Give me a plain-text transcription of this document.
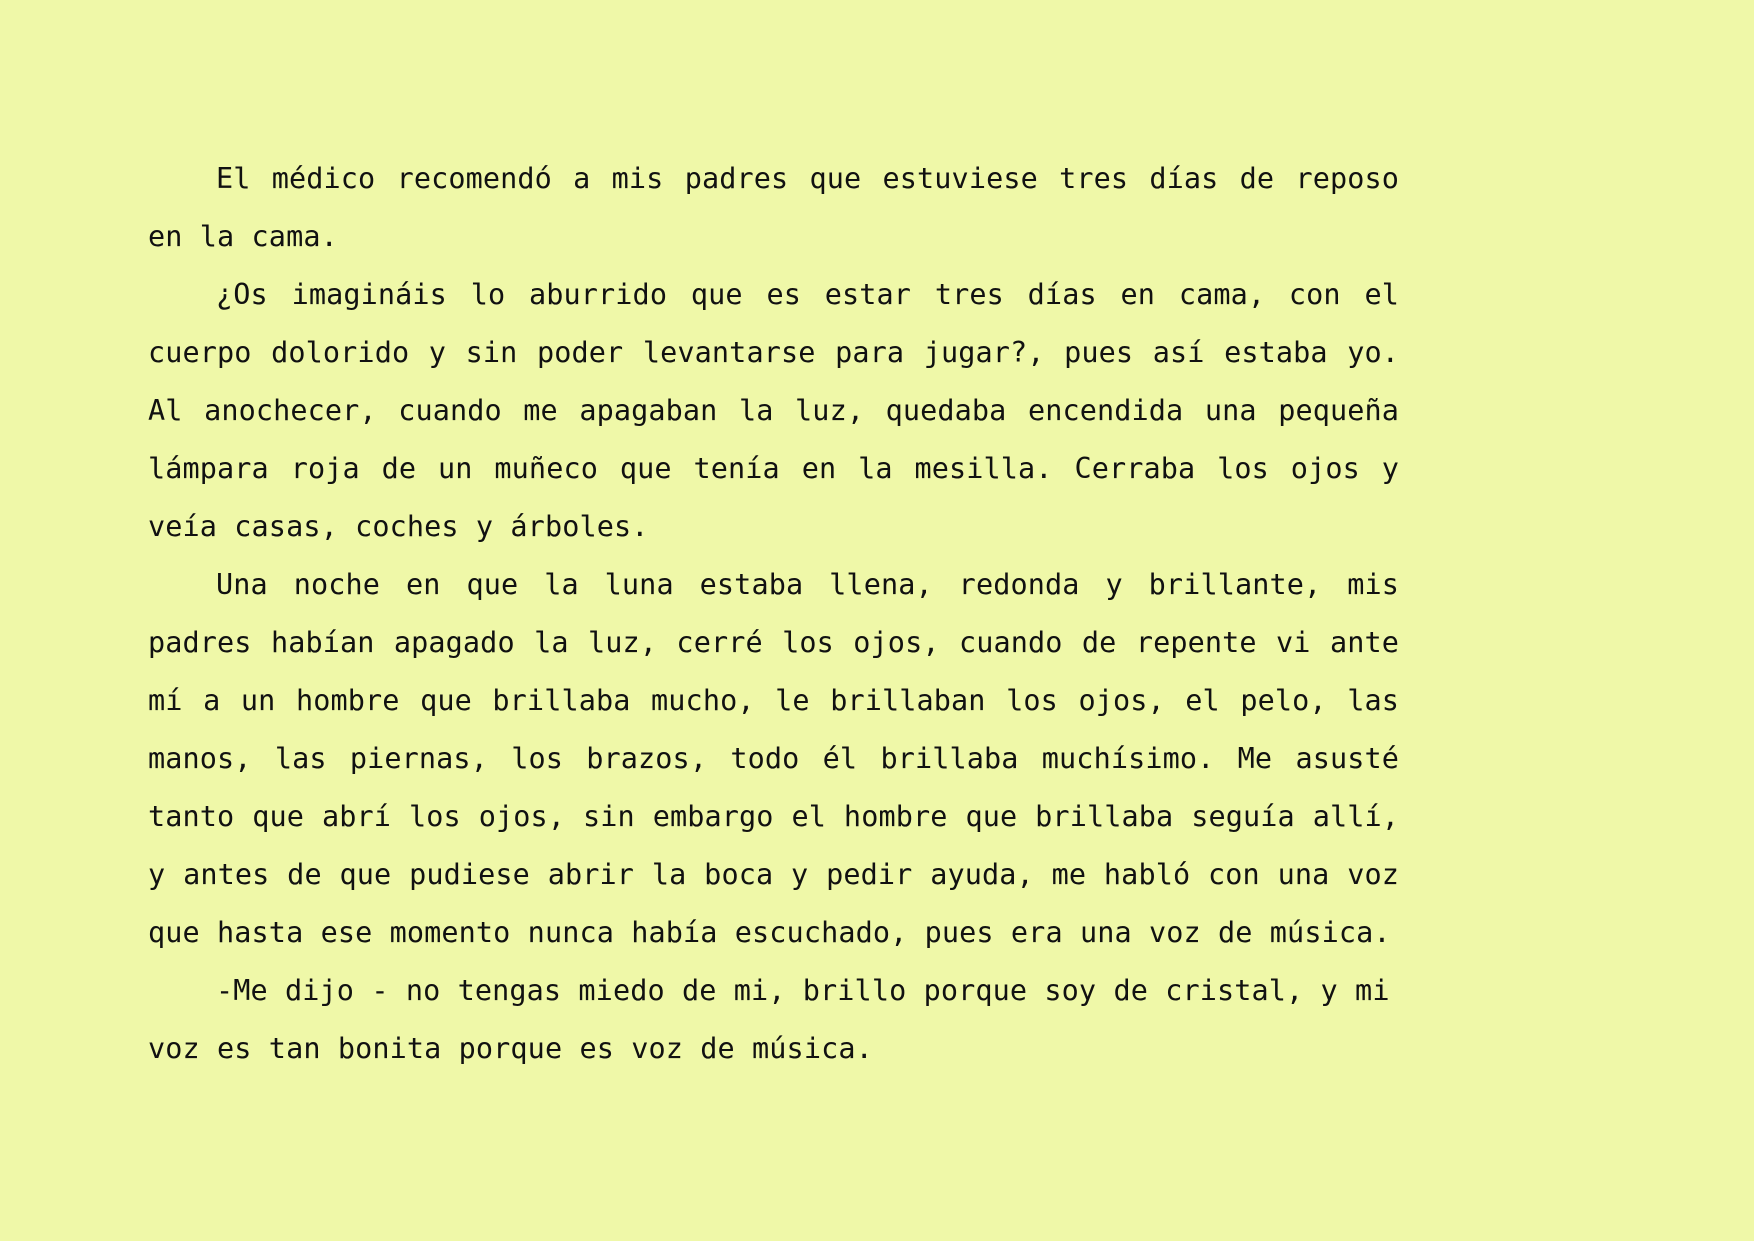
El médico recomendó a mis padres que estuviese tres días de reposo en la cama.

¿Os imagináis lo aburrido que es estar tres días en cama, con el cuerpo dolorido y sin poder levantarse para jugar?, pues así estaba yo. Al anochecer, cuando me apagaban la luz, quedaba encendida una pequeña lámpara roja de un muñeco que tenía en la mesilla. Cerraba los ojos y veía casas, coches y árboles.

Una noche en que la luna estaba llena, redonda y brillante, mis padres habían apagado la luz, cerré los ojos, cuando de repente vi ante mí a un hombre que brillaba mucho, le brillaban los ojos, el pelo, las manos, las piernas, los brazos, todo él brillaba muchísimo. Me asusté tanto que abrí los ojos, sin embargo el hombre que brillaba seguía allí, y antes de que pudiese abrir la boca y pedir ayuda, me habló con una voz que hasta ese momento nunca había escuchado, pues era una voz de música.

-Me dijo - no tengas miedo de mi, brillo porque soy de cristal, y mi voz es tan bonita porque es voz de música.
